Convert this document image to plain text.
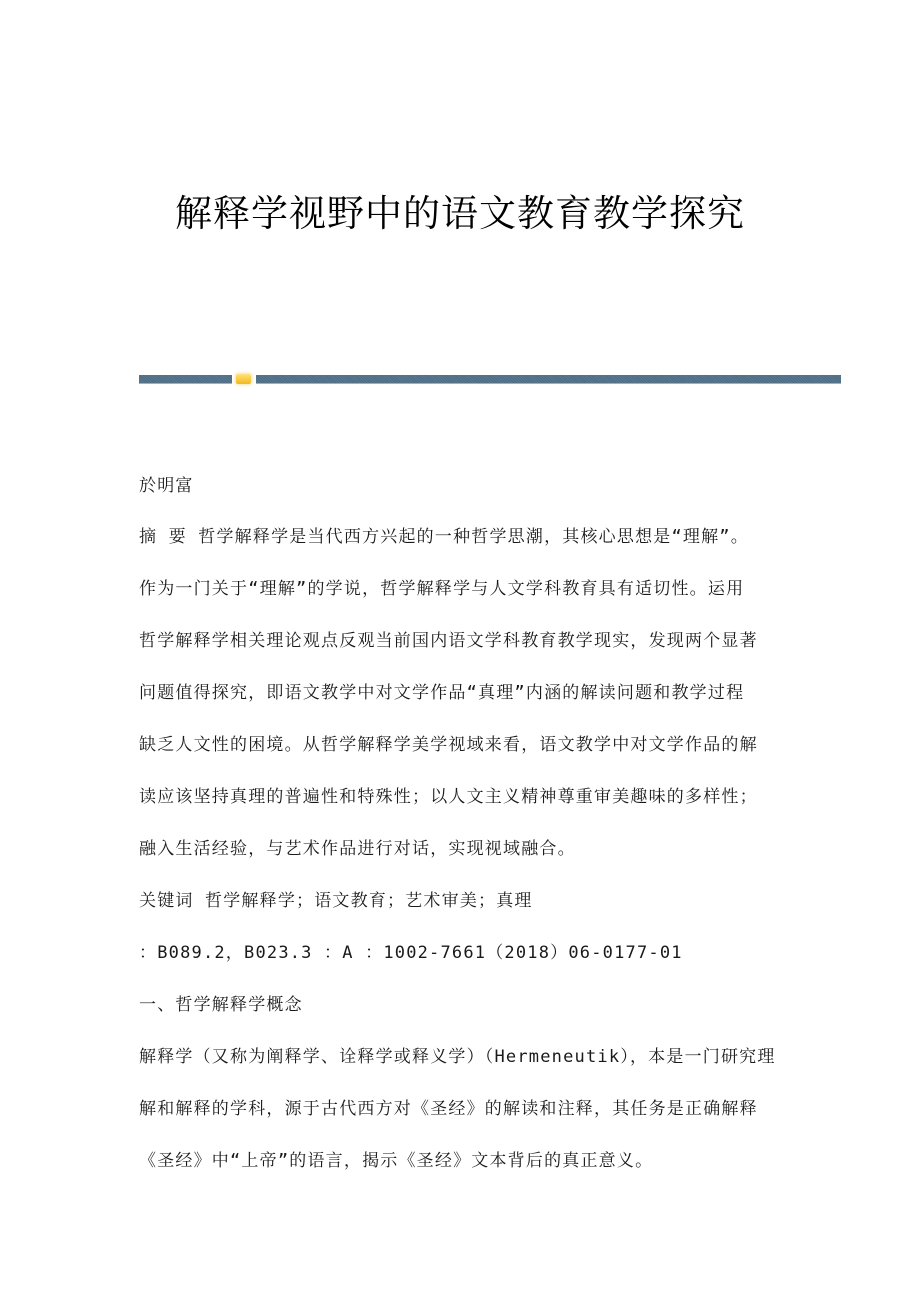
解释学视野中的语文教育教学探究
於明富
摘 要 哲学解释学是当代西方兴起的一种哲学思潮，其核心思想是“理解”。
作为一门关于“理解”的学说，哲学解释学与人文学科教育具有适切性。运用
哲学解释学相关理论观点反观当前国内语文学科教育教学现实，发现两个显著
问题值得探究，即语文教学中对文学作品“真理”内涵的解读问题和教学过程
缺乏人文性的困境。从哲学解释学美学视域来看，语文教学中对文学作品的解
读应该坚持真理的普遍性和特殊性；以人文主义精神尊重审美趣味的多样性；
融入生活经验，与艺术作品进行对话，实现视域融合。
关键词 哲学解释学；语文教育；艺术审美；真理
：B089.2，B023.3 ：A ：1002-7661（2018）06-0177-01
一、哲学解释学概念
解释学（又称为阐释学、诠释学或释义学）（Hermeneutik），本是一门研究理
解和解释的学科，源于古代西方对《圣经》的解读和注释，其任务是正确解释
《圣经》中“上帝”的语言，揭示《圣经》文本背后的真正意义。
